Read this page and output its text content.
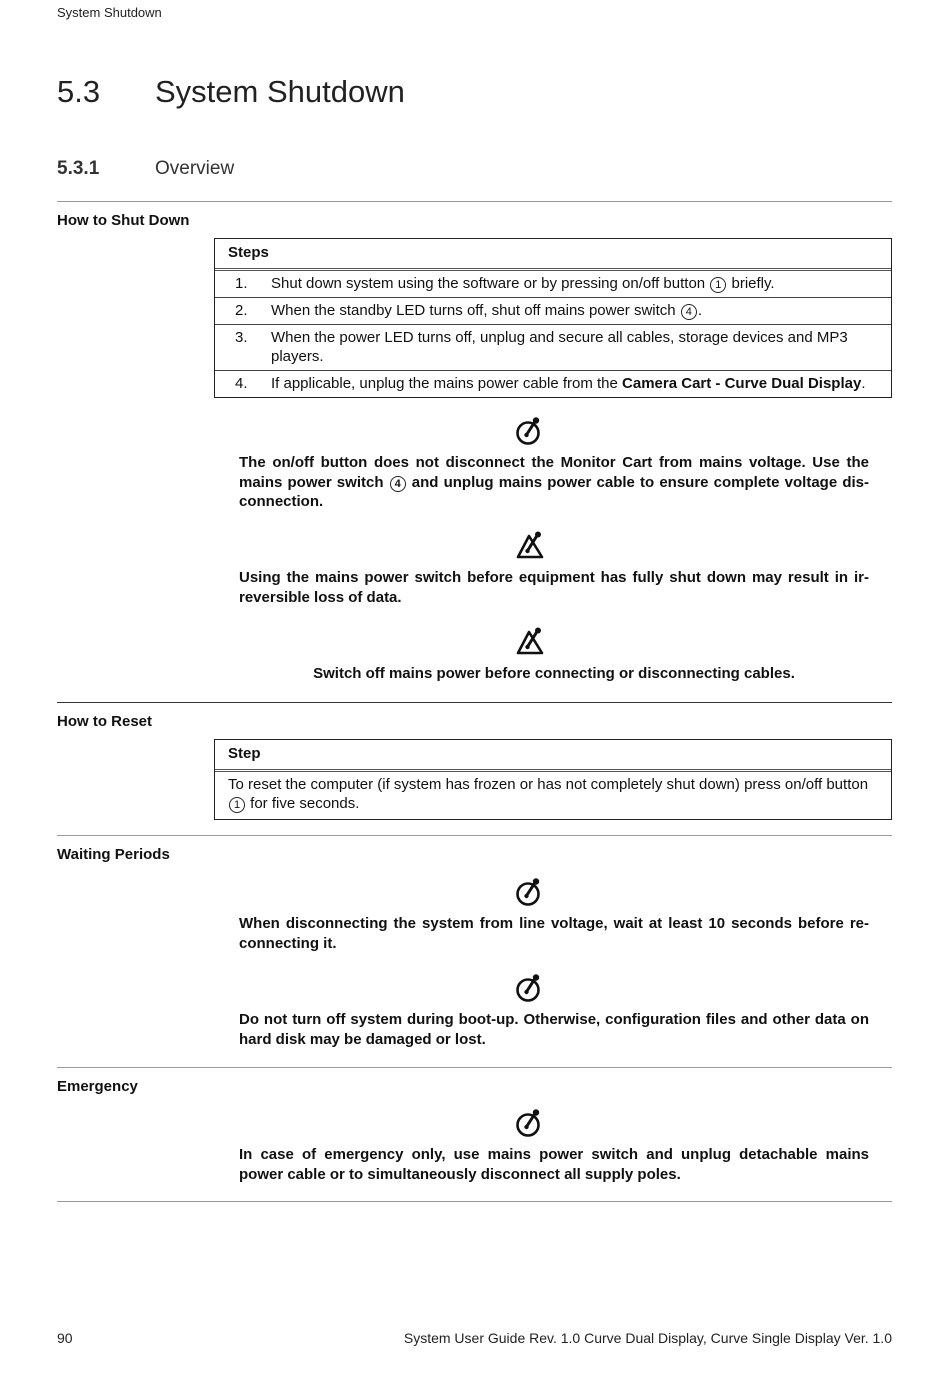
System Shutdown
5.3 System Shutdown
5.3.1	Overview
How to Shut Down
Steps
1.	Shut down system using the software or by pressing on/off button 1 briefly.
2.	When the standby LED turns off, shut off mains power switch 4 .
3.	When the power LED turns off, unplug and secure all cables, storage devices and MP3 players.
4.	If applicable, unplug the mains power cable from the Camera Cart - Curve Dual Display.
The on/off button does not disconnect the Monitor Cart from mains voltage. Use the mains power switch 4 and unplug mains power cable to ensure complete voltage dis-connection.
Using the mains power switch before equipment has fully shut down may result in ir-reversible loss of data.
Switch off mains power before connecting or disconnecting cables.
How to Reset
Step
To reset the computer (if system has frozen or has not completely shut down) press on/off button 1 for five seconds.
Waiting Periods
When disconnecting the system from line voltage, wait at least 10 seconds before re-connecting it.
Do not turn off system during boot-up. Otherwise, configuration files and other data on hard disk may be damaged or lost.
Emergency
In case of emergency only, use mains power switch and unplug detachable mains power cable or to simultaneously disconnect all supply poles.
90	System User Guide Rev. 1.0 Curve Dual Display, Curve Single Display Ver. 1.0
